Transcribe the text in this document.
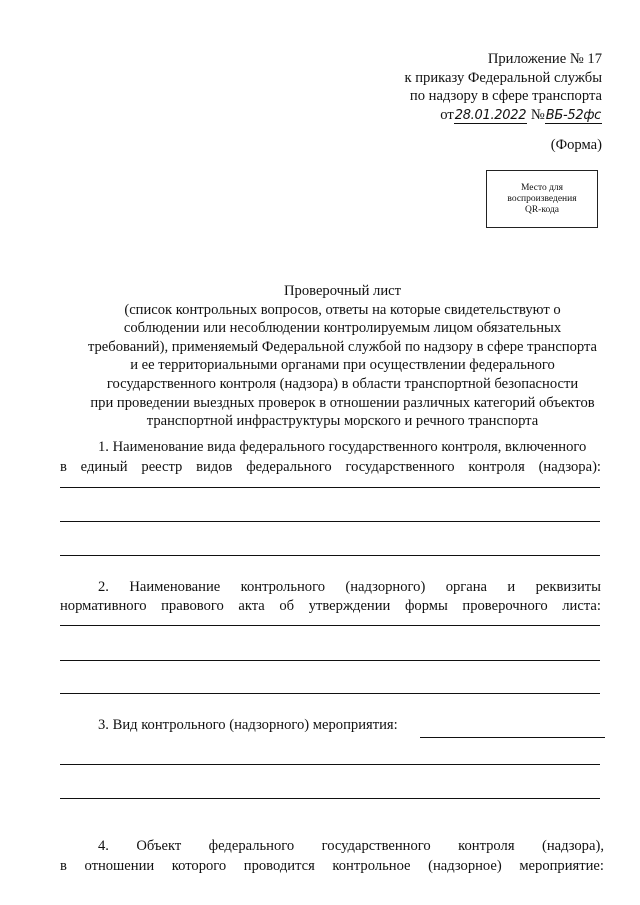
Приложение № 17
к приказу Федеральной службы
по надзору в сфере транспорта
от28.01.2022 №ВБ-52фс
(Форма)
Место для
воспроизведения
QR-кода
Проверочный лист
(список контрольных вопросов, ответы на которые свидетельствуют о
соблюдении или несоблюдении контролируемым лицом обязательных
требований), применяемый Федеральной службой по надзору в сфере транспорта
и ее территориальными органами при осуществлении федерального
государственного контроля (надзора) в области транспортной безопасности
при проведении выездных проверок в отношении различных категорий объектов
транспортной инфраструктуры морского и речного транспорта
1. Наименование вида федерального государственного контроля, включенного
в единый реестр видов федерального государственного контроля (надзора):
2. Наименование контрольного (надзорного) органа и реквизиты
нормативного правового акта об утверждении формы проверочного листа:
3. Вид контрольного (надзорного) мероприятия:
4. Объект федерального государственного контроля (надзора),
в отношении которого проводится контрольное (надзорное) мероприятие:
